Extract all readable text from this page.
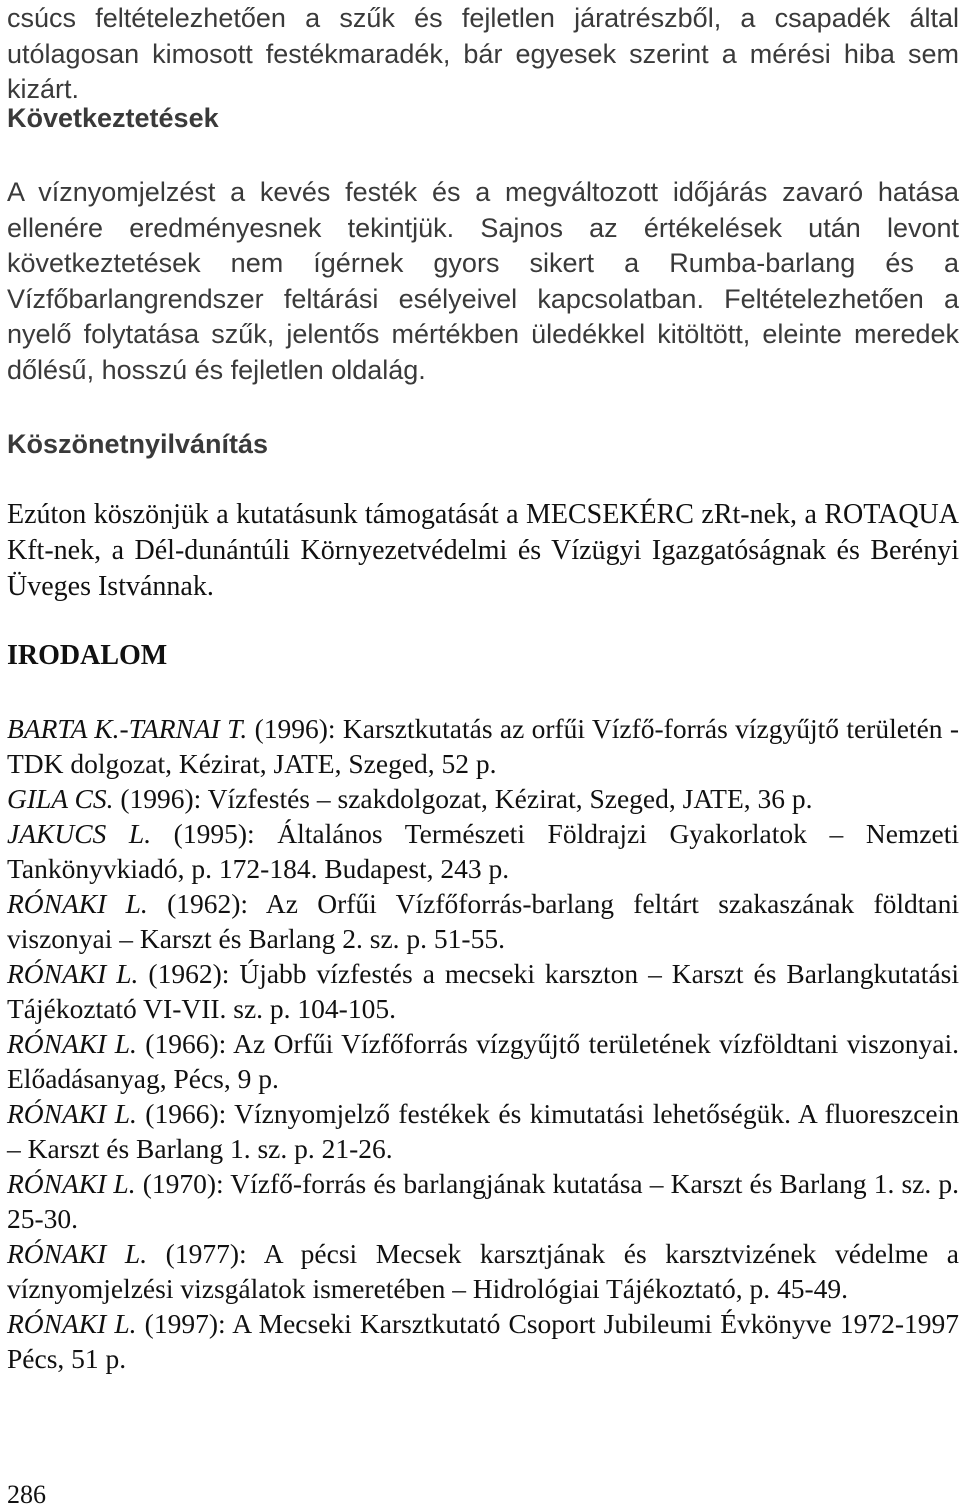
csúcs feltételezhetően a szűk és fejletlen járatrészből, a csapadék által utólagosan kimosott festékmaradék, bár egyesek szerint a mérési hiba sem kizárt.

Következtetések

A víznyomjelzést a kevés festék és a megváltozott időjárás zavaró hatása ellenére eredményesnek tekintjük. Sajnos az értékelések után levont következtetések nem ígérnek gyors sikert a Rumba-barlang és a Vízfőbarlangrendszer feltárási esélyeivel kapcsolatban. Feltételezhetően a nyelő folytatása szűk, jelentős mértékben üledékkel kitöltött, eleinte meredek dőlésű, hosszú és fejletlen oldalág.

Köszönetnyilvánítás

Ezúton köszönjük a kutatásunk támogatását a MECSEKÉRC zRt-nek, a ROTAQUA Kft-nek, a Dél-dunántúli Környezetvédelmi és Vízügyi Igazgatóságnak és Berényi Üveges Istvánnak.

IRODALOM

BARTA K.-TARNAI T. (1996): Karsztkutatás az orfűi Vízfő-forrás vízgyűjtő területén - TDK dolgozat, Kézirat, JATE, Szeged, 52 p.

GILA CS. (1996): Vízfestés – szakdolgozat, Kézirat, Szeged, JATE, 36 p.

JAKUCS L. (1995): Általános Természeti Földrajzi Gyakorlatok – Nemzeti Tankönyvkiadó, p. 172-184. Budapest, 243 p.

RÓNAKI L. (1962): Az Orfűi Vízfőforrás-barlang feltárt szakaszának földtani viszonyai – Karszt és Barlang 2. sz. p. 51-55.

RÓNAKI L. (1962): Újabb vízfestés a mecseki karszton – Karszt és Barlangkutatási Tájékoztató VI-VII. sz. p. 104-105.

RÓNAKI L. (1966): Az Orfűi Vízfőforrás vízgyűjtő területének vízföldtani viszonyai. Előadásanyag, Pécs, 9 p.

RÓNAKI L. (1966): Víznyomjelző festékek és kimutatási lehetőségük. A fluoreszcein – Karszt és Barlang 1. sz. p. 21-26.

RÓNAKI L. (1970): Vízfő-forrás és barlangjának kutatása – Karszt és Barlang 1. sz. p. 25-30.

RÓNAKI L. (1977): A pécsi Mecsek karsztjának és karsztvizének védelme a víznyomjelzési vizsgálatok ismeretében – Hidrológiai Tájékoztató, p. 45-49.

RÓNAKI L. (1997): A Mecseki Karsztkutató Csoport Jubileumi Évkönyve 1972-1997 Pécs, 51 p.

286
